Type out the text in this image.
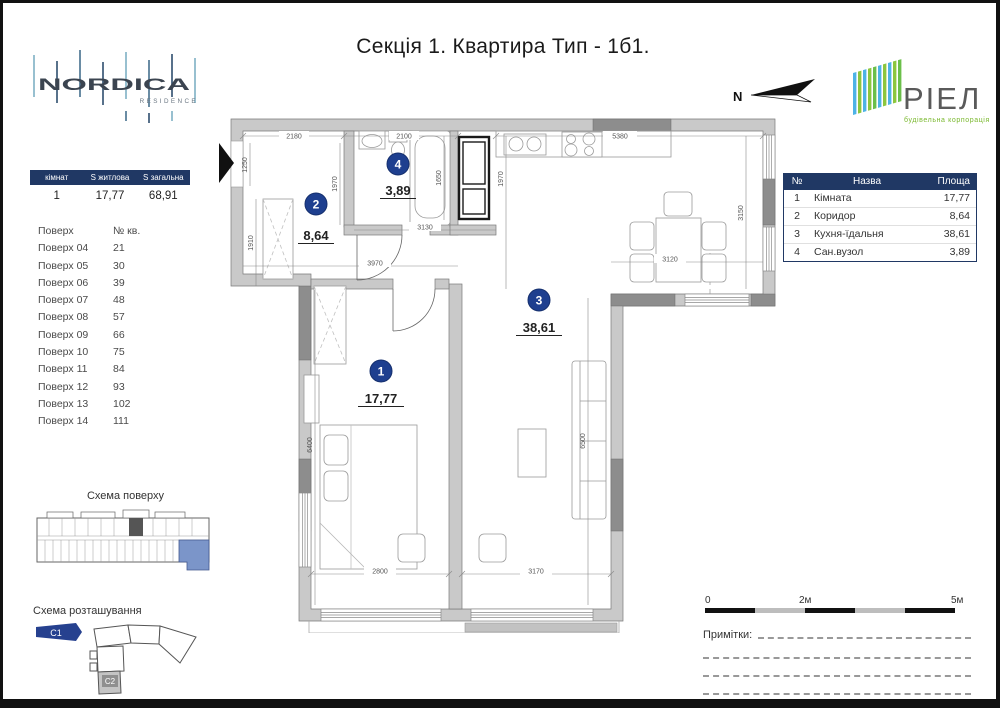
Секція 1. Квартира Тип - 1б1.
NORDICA
RESIDENCE	РІЕЛ
будівельна корпорація
N
кімнат	S житлова	S загальна
1	17,77	68,91
Поверх	№ кв.
Поверх 04	21
Поверх 05	30
Поверх 06	39
Поверх 07	48
Поверх 08	57
Поверх 09	66
Поверх 10	75
Поверх 11	84
Поверх 12	93
Поверх 13	102
Поверх 14	111
Схема поверху
Схема розташування
C1
C2
№	Назва	Площа
1	Кімната	17,77
2	Коридор	8,64
3	Кухня-їдальня	38,61
4	Сан.вузол	3,89
2180	2100	5380
1250
1910
1970	1650	1970
3150
3130
3970
3120
6400	6500
2800	3170
1
17,77
2
8,64
3
38,61
4
3,89
0	2м	5м
Примітки:
